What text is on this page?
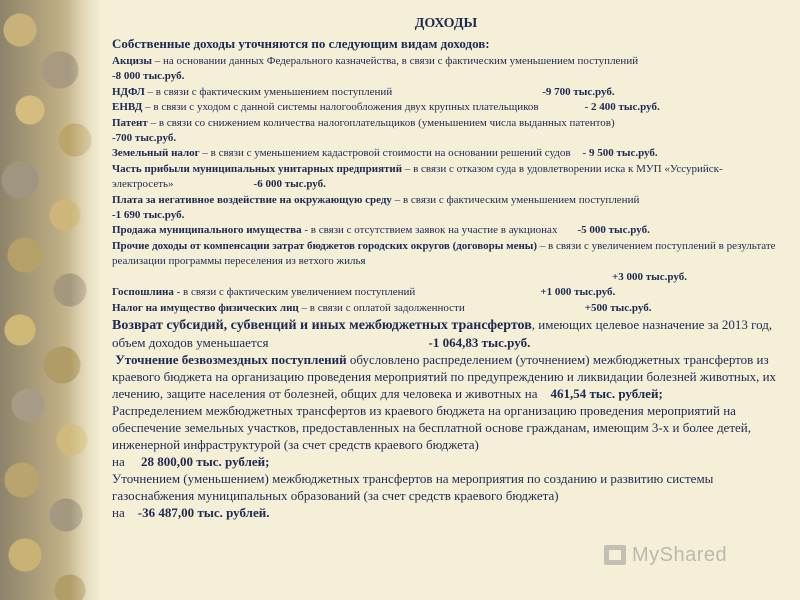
ДОХОДЫ
Собственные доходы уточняются по следующим видам доходов:

Акцизы – на основании данных Федерального казначейства, в связи с фактическим уменьшением поступлений

-8 000 тыс.руб.

НДФЛ – в связи с фактическим уменьшением поступлений	-9 700 тыс.руб.

ЕНВД – в связи с уходом с данной системы налогообложения двух крупных плательщиков	- 2 400 тыс.руб.

Патент – в связи со снижением количества налогоплательщиков (уменьшением числа выданных патентов)

-700 тыс.руб.

Земельный налог – в связи с уменьшением кадастровой стоимости на основании решений судов - 9 500 тыс.руб.

Часть прибыли муниципальных унитарных предприятий – в связи с отказом суда в удовлетворении иска к МУП «Уссурийск-электросеть»	-6 000 тыс.руб.

Плата за негативное воздействие на окружающую среду – в связи с фактическим уменьшением поступлений

-1 690 тыс.руб.

Продажа муниципального имущества - в связи с отсутствием заявок на участие в аукционах -5 000 тыс.руб.

Прочие доходы от компенсации затрат бюджетов городских округов (договоры мены) – в связи с увеличением поступлений в результате реализации программы переселения из ветхого жилья

+3 000 тыс.руб.

Госпошлина - в связи с фактическим увеличением поступлений	+1 000 тыс.руб.

Налог на имущество физических лиц – в связи с оплатой задолженности	+500 тыс.руб.

Возврат субсидий, субвенций и иных межбюджетных трансфертов, имеющих целевое назначение за 2013 год, объем доходов уменьшается	-1 064,83 тыс.руб.

Уточнение безвозмездных поступлений обусловлено распределением (уточнением) межбюджетных трансфертов из краевого бюджета на организацию проведения мероприятий по предупреждению и ликвидации болезней животных, их лечению, защите населения от болезней, общих для человека и животных на 461,54 тыс. рублей;

Распределением межбюджетных трансфертов из краевого бюджета на организацию проведения мероприятий на обеспечение земельных участков, предоставленных на бесплатной основе гражданам, имеющим 3-х и более детей, инженерной инфраструктурой (за счет средств краевого бюджета)

на 28 800,00 тыс. рублей;

Уточнением (уменьшением) межбюджетных трансфертов на мероприятия по созданию и развитию системы газоснабжения муниципальных образований (за счет средств краевого бюджета)

на -36 487,00 тыс. рублей.

MyShared
